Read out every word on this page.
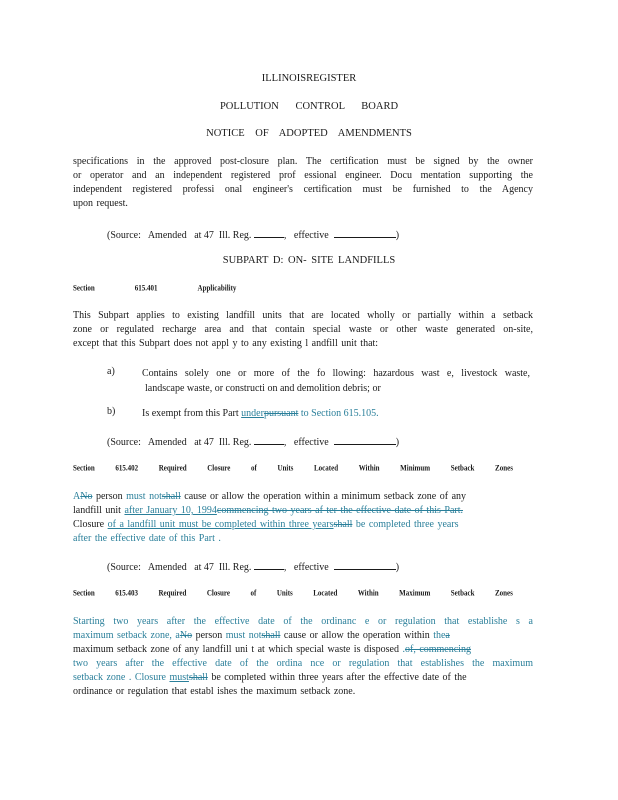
ILLINOISREGISTER
POLLUTION CONTROL BOARD
NOTICE OF ADOPTED AMENDMENTS
specifications in the approved post-closure plan. The certification must be signed by the owner
or operator and an independent registered prof essional engineer. Docu mentation supporting the
independent registered professi onal engineer's certification must be furnished to the Agency
upon request.
(Source:   Amended   at 47  Ill. Reg.	,   effective	)
SUBPART D: ON- SITE LANDFILLS
Section	615.401	Applicability
This Subpart applies to existing landfill units that are located wholly or partially within a setback
zone or regulated recharge area and that contain special waste or other waste generated on-site,
except that this Subpart does not appl y to any existing l andfill unit that:
a)	Contains solely one or more of the fo llowing: hazardous wast e, livestock waste,
landscape waste, or constructi on and demolition debris; or
b)	Is exempt from this Part underpursuant to Section 615.105.
(Source:   Amended   at 47  Ill. Reg.	,   effective	)
Section	615.402	Required	Closure	of	Units	Located	Within	Minimum	Setback	Zones
ANo person must notshall cause or allow the operation within a minimum setback zone of any
landfill unit after January 10, 1994commencing two years af ter the effective date of this Part.
Closure of a landfill unit must be completed within three yearsshall be completed three years
after the effective date of this Part .
(Source:   Amended   at 47  Ill. Reg.	,   effective	)
Section	615.403	Required	Closure	of	Units	Located	Within	Maximum	Setback	Zones
Starting two years after the effective date of the ordinanc e or regulation that establishe s a
maximum setback zone, aNo person must notshall cause or allow the operation within thea
maximum setback zone of any landfill uni t at which special waste is disposed .of, commencing
two years after the effective date of the ordina nce or regulation that establishes the maximum
setback zone . Closure mustshall be completed within three years after the effective date of the
ordinance or regulation that establ ishes the maximum setback zone.
